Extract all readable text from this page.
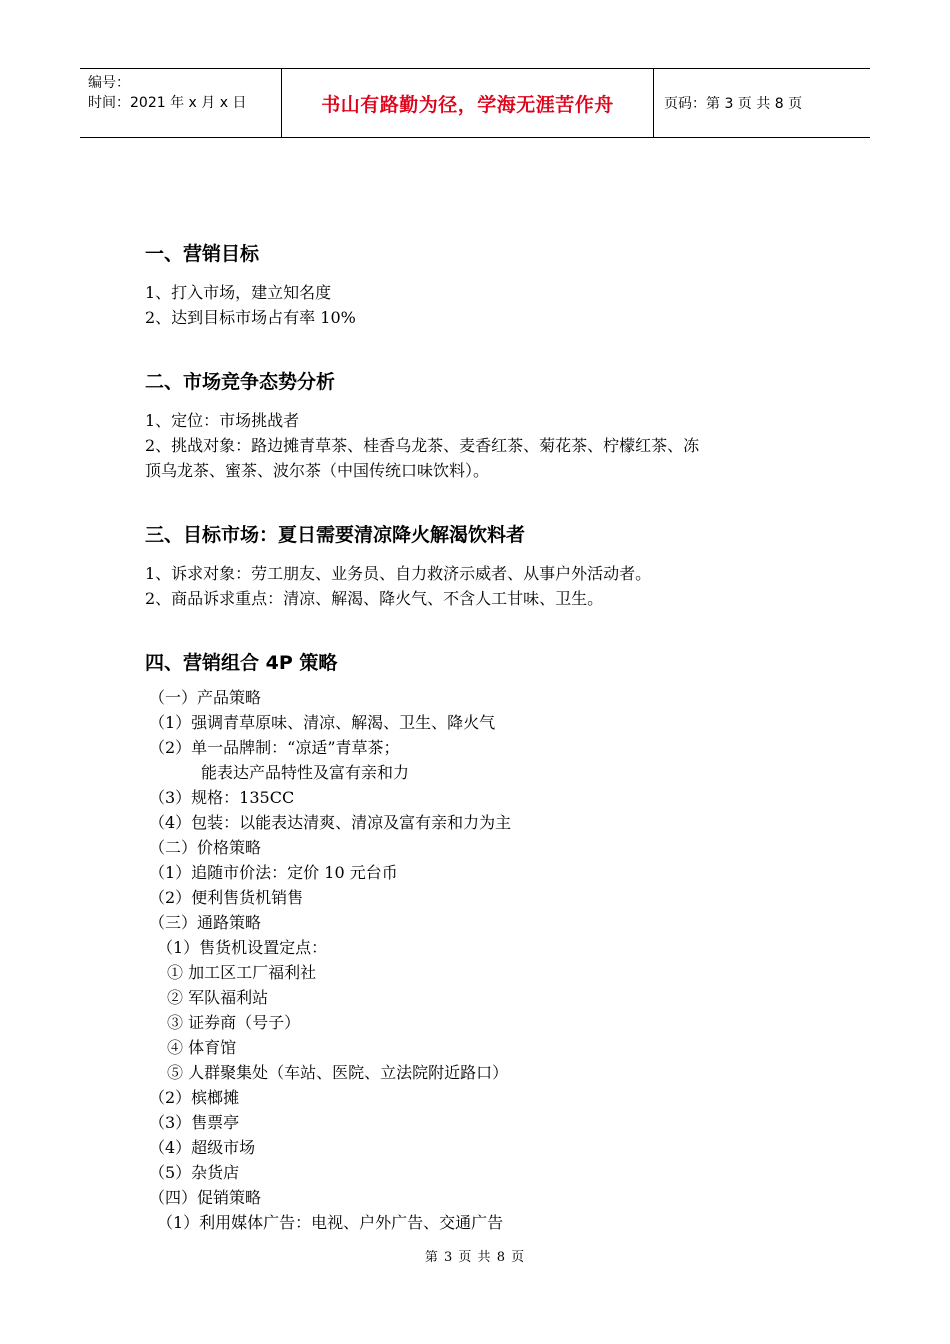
编号：
时间：2021 年 x 月 x 日	书山有路勤为径，学海无涯苦作舟	页码：第 3 页 共 8 页

一、营销目标

1、打入市场，建立知名度

2、达到目标市场占有率 10%

二、市场竞争态势分析

1、定位：市场挑战者

2、挑战对象：路边摊青草茶、桂香乌龙茶、麦香红茶、菊花茶、柠檬红茶、冻

顶乌龙茶、蜜茶、波尔茶（中国传统口味饮料）。

三、目标市场：夏日需要清凉降火解渴饮料者

1、诉求对象：劳工朋友、业务员、自力救济示威者、从事户外活动者。

2、商品诉求重点：清凉、解渴、降火气、不含人工甘味、卫生。

四、营销组合 4P 策略

（一）产品策略

（1）强调青草原味、清凉、解渴、卫生、降火气

（2）单一品牌制：“凉适”青草茶；

能表达产品特性及富有亲和力

（3）规格：135CC

（4）包装：以能表达清爽、清凉及富有亲和力为主

（二）价格策略

（1）追随市价法：定价 10 元台币

（2）便利售货机销售

（三）通路策略

（1）售货机设置定点：

① 加工区工厂福利社

② 军队福利站

③ 证券商（号子）

④ 体育馆

⑤ 人群聚集处（车站、医院、立法院附近路口）

（2）槟榔摊

（3）售票亭

（4）超级市场

（5）杂货店

（四）促销策略

（1）利用媒体广告：电视、户外广告、交通广告

第 3 页 共 8 页
